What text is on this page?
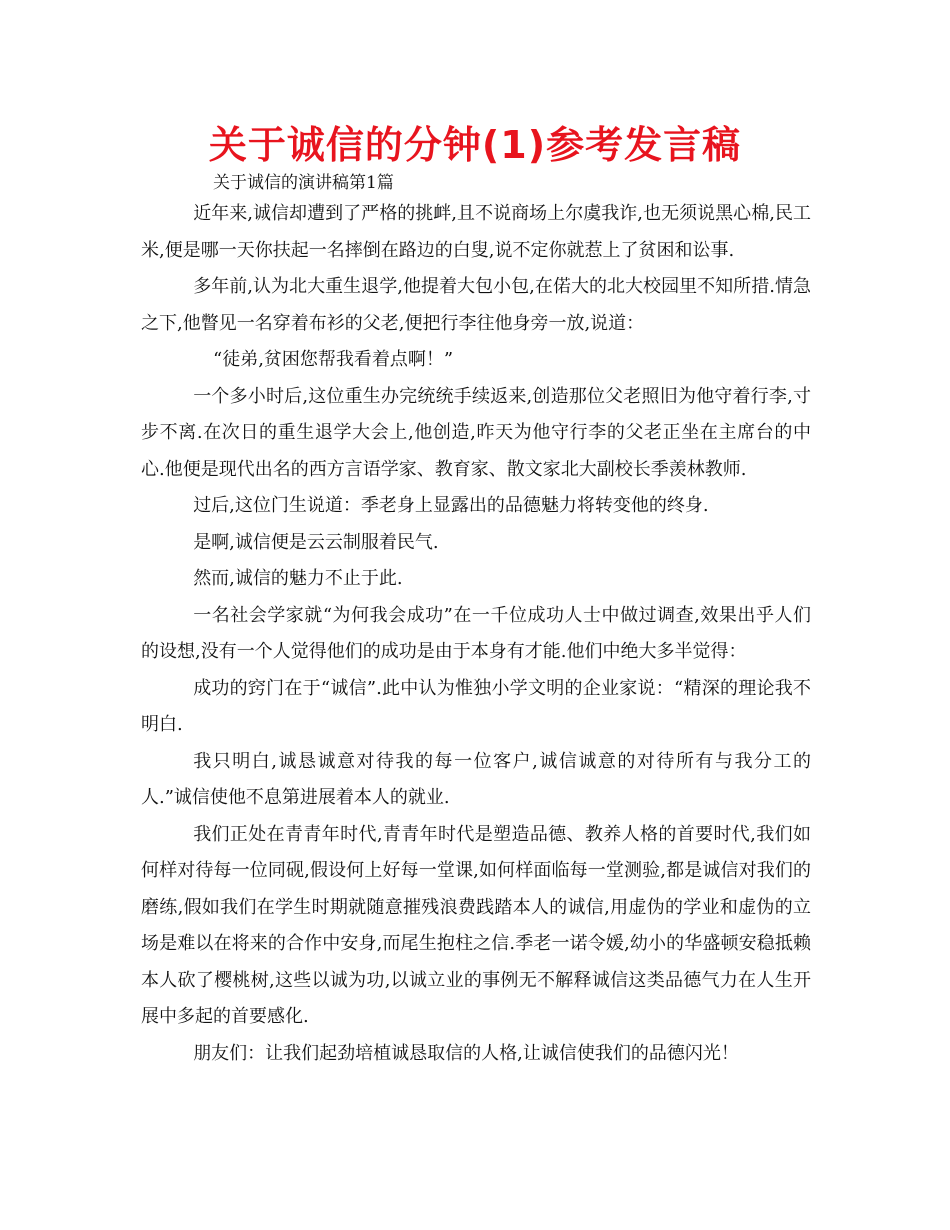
关于诚信的分钟(1)参考发言稿
关于诚信的演讲稿第1篇

近年来,诚信却遭到了严格的挑衅,且不说商场上尔虞我诈,也无须说黑心棉,民工米,便是哪一天你扶起一名摔倒在路边的白叟,说不定你就惹上了贫困和讼事.

多年前,认为北大重生退学,他提着大包小包,在偌大的北大校园里不知所措.情急之下,他瞥见一名穿着布衫的父老,便把行李往他身旁一放,说道：

“徒弟,贫困您帮我看着点啊！”

一个多小时后,这位重生办完统统手续返来,创造那位父老照旧为他守着行李,寸步不离.在次日的重生退学大会上,他创造,昨天为他守行李的父老正坐在主席台的中心.他便是现代出名的西方言语学家、教育家、散文家北大副校长季羡林教师.

过后,这位门生说道：季老身上显露出的品德魅力将转变他的终身.

是啊,诚信便是云云制服着民气.

然而,诚信的魅力不止于此.

一名社会学家就“为何我会成功”在一千位成功人士中做过调查,效果出乎人们的设想,没有一个人觉得他们的成功是由于本身有才能.他们中绝大多半觉得：

成功的窍门在于“诚信”.此中认为惟独小学文明的企业家说：“精深的理论我不明白.

我只明白,诚恳诚意对待我的每一位客户,诚信诚意的对待所有与我分工的人.”诚信使他不息第进展着本人的就业.

我们正处在青青年时代,青青年时代是塑造品德、教养人格的首要时代,我们如何样对待每一位同砚,假设何上好每一堂课,如何样面临每一堂测验,都是诚信对我们的磨练,假如我们在学生时期就随意摧残浪费践踏本人的诚信,用虚伪的学业和虚伪的立场是难以在将来的合作中安身,而尾生抱柱之信.季老一诺令媛,幼小的华盛顿安稳抵赖本人砍了樱桃树,这些以诚为功,以诚立业的事例无不解释诚信这类品德气力在人生开展中多起的首要感化.

朋友们：让我们起劲培植诚恳取信的人格,让诚信使我们的品德闪光！
